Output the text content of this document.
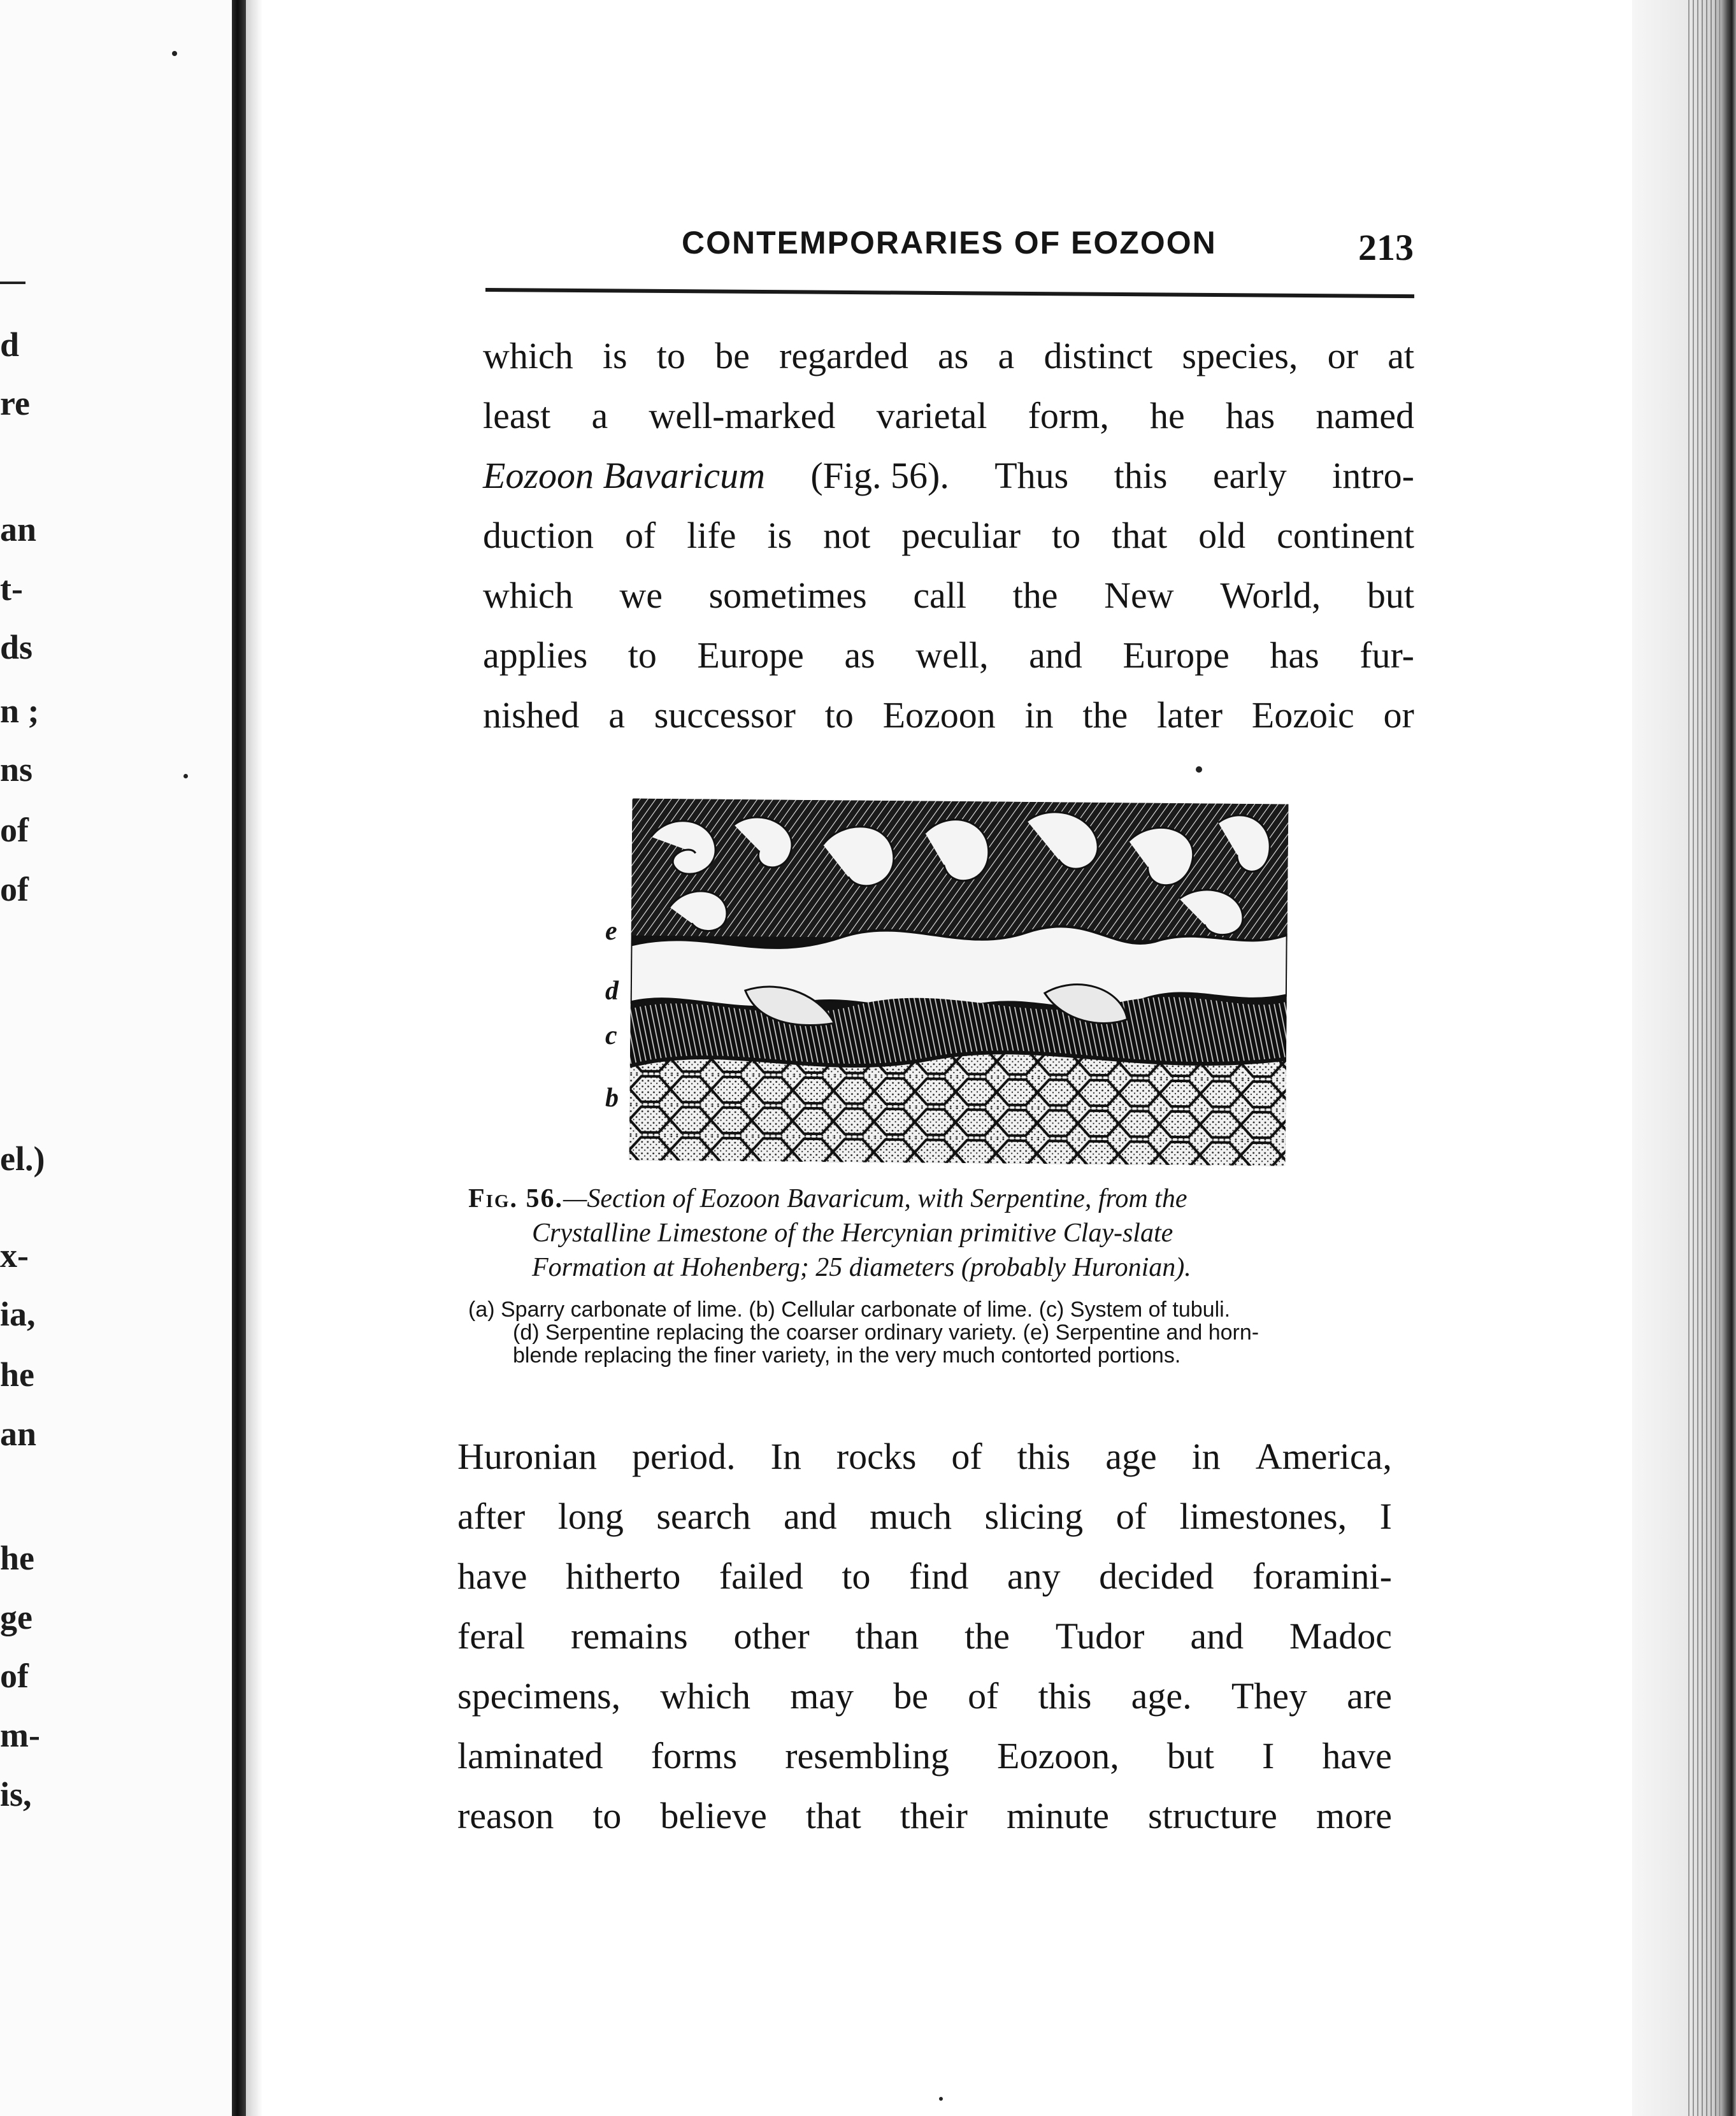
d
re
an
t-
ds
n ;
ns
of
of
el.)
x-
ia,
he
an
he
ge
of
m-
is,
CONTEMPORARIES OF EOZOON	213
which is to be regarded as a distinct species, or at
least a well-marked varietal form, he has named
Eozoon Bavaricum (Fig. 56). Thus this early intro-
duction of life is not peculiar to that old continent
which we sometimes call the New World, but
applies to Europe as well, and Europe has fur-
nished a successor to Eozoon in the later Eozoic or
e
d
c
b
Fig. 56.—Section of Eozoon Bavaricum, with Serpentine, from the
Crystalline Limestone of the Hercynian primitive Clay-slate
Formation at Hohenberg; 25 diameters (probably Huronian).
(a) Sparry carbonate of lime. (b) Cellular carbonate of lime. (c) System of tubuli.
(d) Serpentine replacing the coarser ordinary variety. (e) Serpentine and horn-
blende replacing the finer variety, in the very much contorted portions.
Huronian period. In rocks of this age in America,
after long search and much slicing of limestones, I
have hitherto failed to find any decided foramini-
feral remains other than the Tudor and Madoc
specimens, which may be of this age. They are
laminated forms resembling Eozoon, but I have
reason to believe that their minute structure more
